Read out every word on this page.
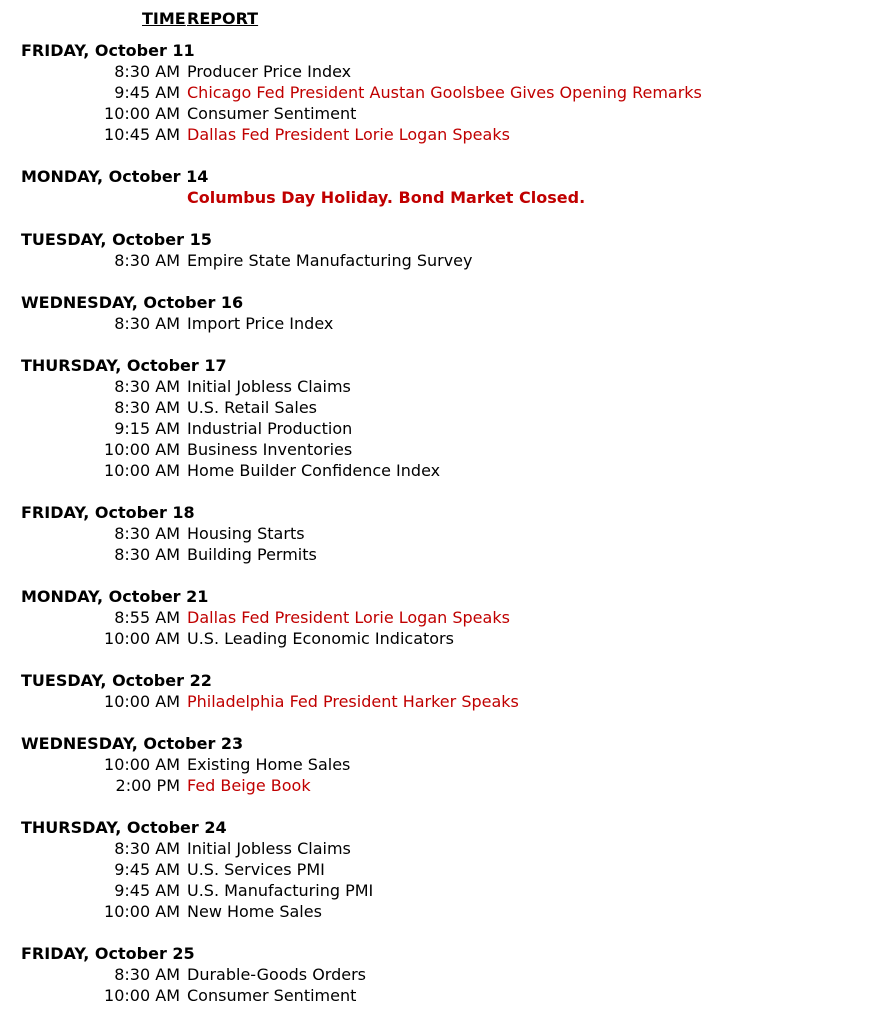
TIME REPORT
FRIDAY, October 11
8:30 AM Producer Price Index
9:45 AM Chicago Fed President Austan Goolsbee Gives Opening Remarks
10:00 AM Consumer Sentiment
10:45 AM Dallas Fed President Lorie Logan Speaks
MONDAY, October 14
Columbus Day Holiday. Bond Market Closed.
TUESDAY, October 15
8:30 AM Empire State Manufacturing Survey
WEDNESDAY, October 16
8:30 AM Import Price Index
THURSDAY, October 17
8:30 AM Initial Jobless Claims
8:30 AM U.S. Retail Sales
9:15 AM Industrial Production
10:00 AM Business Inventories
10:00 AM Home Builder Confidence Index
FRIDAY, October 18
8:30 AM Housing Starts
8:30 AM Building Permits
MONDAY, October 21
8:55 AM Dallas Fed President Lorie Logan Speaks
10:00 AM U.S. Leading Economic Indicators
TUESDAY, October 22
10:00 AM Philadelphia Fed President Harker Speaks
WEDNESDAY, October 23
10:00 AM Existing Home Sales
2:00 PM Fed Beige Book
THURSDAY, October 24
8:30 AM Initial Jobless Claims
9:45 AM U.S. Services PMI
9:45 AM U.S. Manufacturing PMI
10:00 AM New Home Sales
FRIDAY, October 25
8:30 AM Durable-Goods Orders
10:00 AM Consumer Sentiment
